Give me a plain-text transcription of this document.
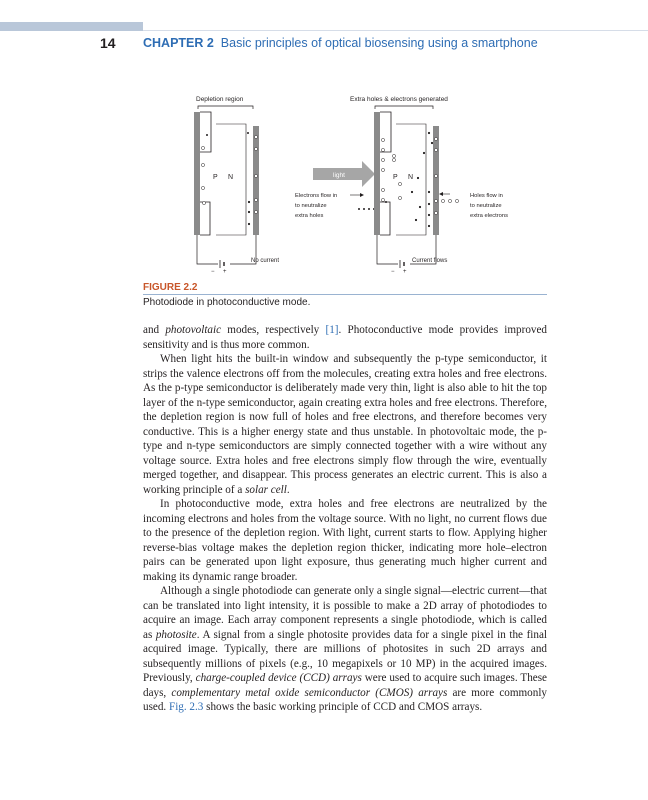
14 CHAPTER 2 Basic principles of optical biosensing using a smartphone
Depletion region
P N
No current
− +
light
Electrons flow in
to neutralize
extra holes
Extra holes & electrons generated
P N
Current flows
− +
Holes flow in
to neutralize
extra electrons
FIGURE 2.2
Photodiode in photoconductive mode.

and photovoltaic modes, respectively [1]. Photoconductive mode provides improved sensitivity and is thus more common.

When light hits the built-in window and subsequently the p-type semiconductor, it strips the valence electrons off from the molecules, creating extra holes and free electrons. As the p-type semiconductor is deliberately made very thin, light is also able to hit the top layer of the n-type semiconductor, again creating extra holes and free electrons. Therefore, the depletion region is now full of holes and free electrons, and therefore becomes very conductive. This is a higher energy state and thus unstable. In photovoltaic mode, the p-type and n-type semiconductors are simply connected together with a wire without any voltage source. Extra holes and free electrons simply flow through the wire, eventually merged together, and disappear. This process generates an electric current. This is also a working principle of a solar cell.

In photoconductive mode, extra holes and free electrons are neutralized by the incoming electrons and holes from the voltage source. With no light, no current flows due to the presence of the depletion region. With light, current starts to flow. Applying higher reverse-bias voltage makes the depletion region thicker, indicating more hole–electron pairs can be generated upon light exposure, thus generating much higher current and making its dynamic range broader.

Although a single photodiode can generate only a single signal—electric current—that can be translated into light intensity, it is possible to make a 2D array of photodiodes to acquire an image. Each array component represents a single photodiode, which is called as photosite. A signal from a single photosite provides data for a single pixel in the final acquired image. Typically, there are millions of photosites in such 2D arrays and subsequently millions of pixels (e.g., 10 megapixels or 10 MP) in the acquired images. Previously, charge-coupled device (CCD) arrays were used to acquire such images. These days, complementary metal oxide semiconductor (CMOS) arrays are more commonly used. Fig. 2.3 shows the basic working principle of CCD and CMOS arrays.
